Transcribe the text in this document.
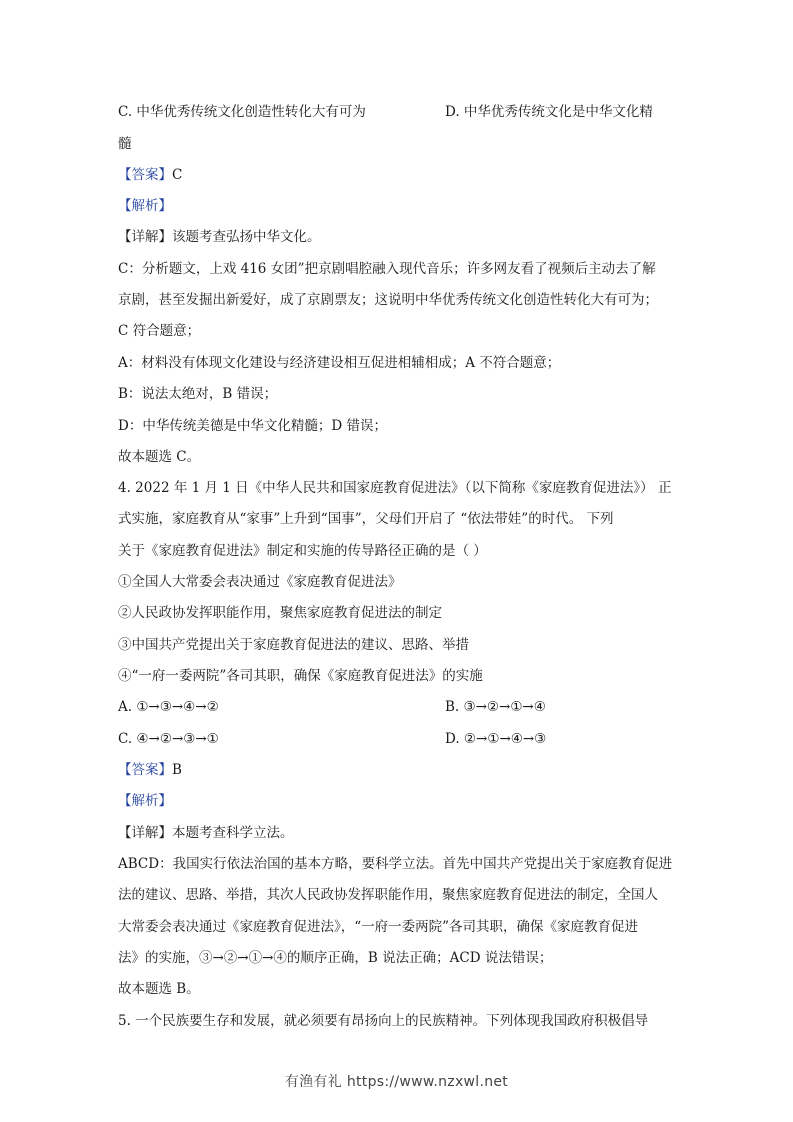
C. 中华优秀传统文化创造性转化大有可为	D. 中华优秀传统文化是中华文化精
髓
【答案】C
【解析】
【详解】该题考查弘扬中华文化。
C：分析题文，上戏 416 女团”把京剧唱腔融入现代音乐；许多网友看了视频后主动去了解
京剧，甚至发掘出新爱好，成了京剧票友；这说明中华优秀传统文化创造性转化大有可为；
C 符合题意；
A：材料没有体现文化建设与经济建设相互促进相辅相成；A 不符合题意；
B：说法太绝对，B 错误；
D：中华传统美德是中华文化精髓；D 错误；
故本题选 C。
4. 2022 年 1 月 1 日《中华人民共和国家庭教育促进法》（以下简称《家庭教育促进法》） 正
式实施，家庭教育从“家事”上升到“国事”，父母们开启了 “依法带娃”的时代。 下列
关于《家庭教育促进法》制定和实施的传导路径正确的是（ ）
①全国人大常委会表决通过《家庭教育促进法》
②人民政协发挥职能作用，聚焦家庭教育促进法的制定
③中国共产党提出关于家庭教育促进法的建议、思路、举措
④“一府一委两院”各司其职，确保《家庭教育促进法》的实施
A. ①→③→④→②	B. ③→②→①→④
C. ④→②→③→①	D. ②→①→④→③
【答案】B
【解析】
【详解】本题考查科学立法。
ABCD：我国实行依法治国的基本方略，要科学立法。首先中国共产党提出关于家庭教育促进
法的建议、思路、举措，其次人民政协发挥职能作用，聚焦家庭教育促进法的制定，全国人
大常委会表决通过《家庭教育促进法》，“一府一委两院”各司其职，确保《家庭教育促进
法》的实施，③→②→①→④的顺序正确，B 说法正确；ACD 说法错误；
故本题选 B。
5. 一个民族要生存和发展，就必须要有昂扬向上的民族精神。下列体现我国政府积极倡导
有渔有礼 https://www.nzxwl.net
